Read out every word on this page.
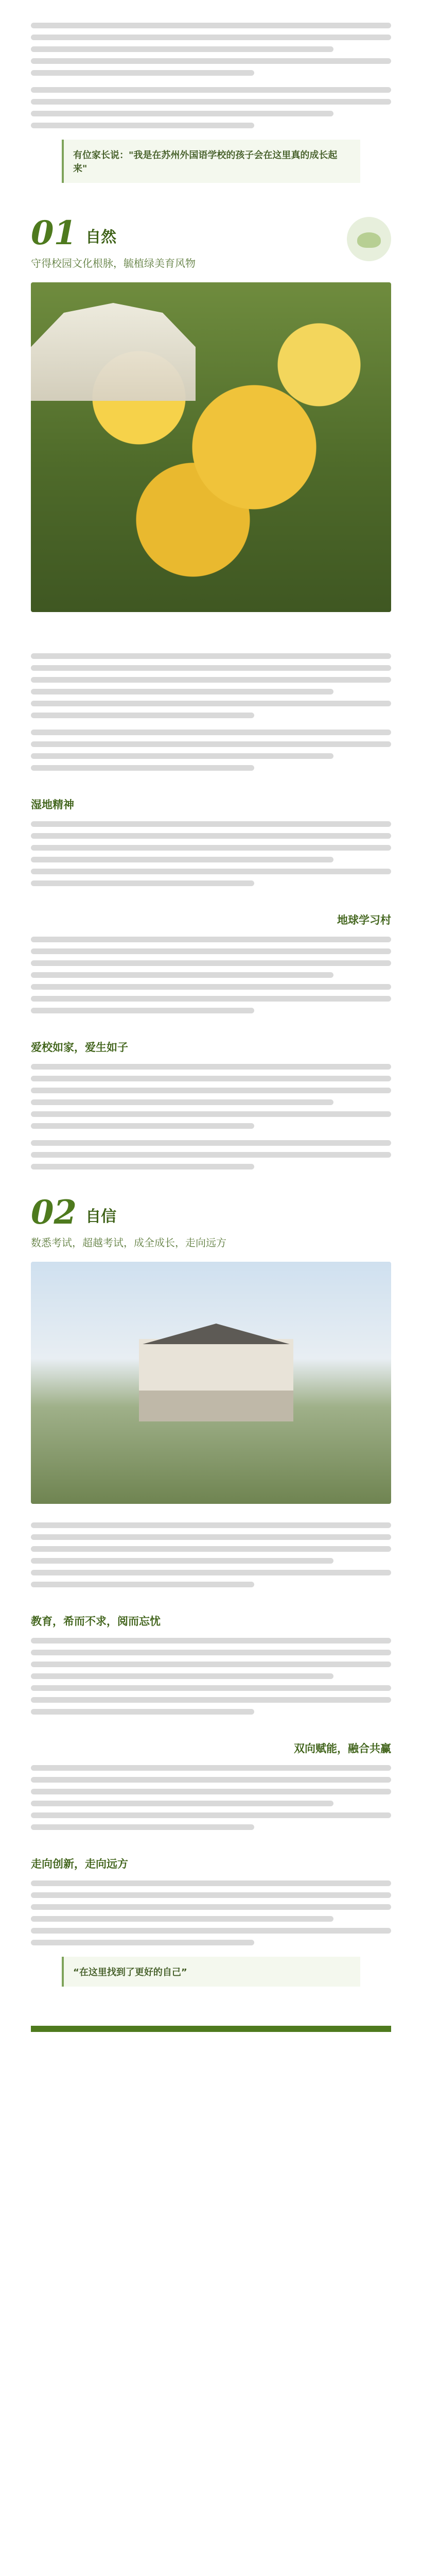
有位家长说："我是在苏州外国语学校的孩子会在这里真的成长起来"
01 自然
守得校园文化根脉，毓植绿美育风物
湿地精神
地球学习村
爱校如家，爱生如子
02 自信
数悉考试，超越考试，成全成长，走向远方
教育，希而不求，阅而忘忧
双向赋能，融合共赢
走向创新，走向远方
“在这里找到了更好的自己”
